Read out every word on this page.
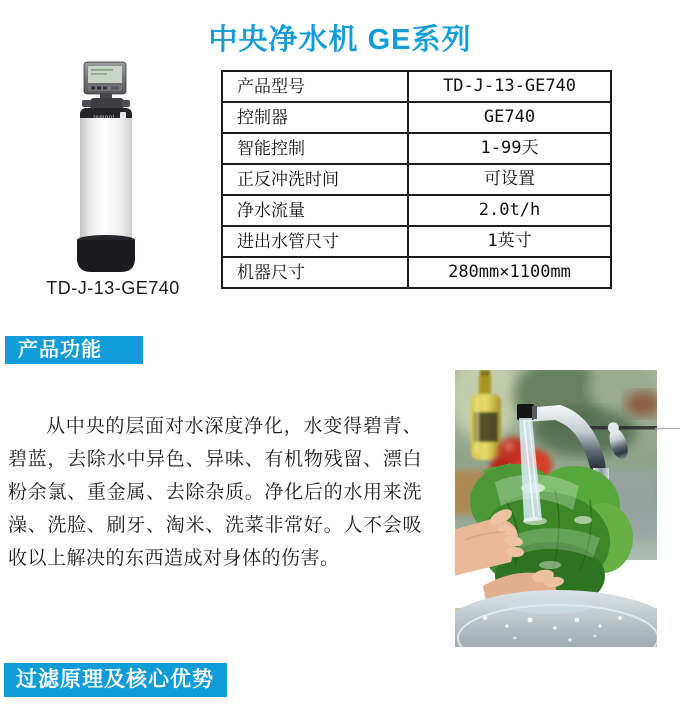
中央净水机 GE系列
TD-J-13-GE740
产品型号	TD-J-13-GE740
控制器	GE740
智能控制	1-99天
正反冲洗时间	可设置
净水流量	2.0t/h
进出水管尺寸	1英寸
机器尺寸	280mm×1100mm
产品功能

从中央的层面对水深度净化，水变得碧青、碧蓝，去除水中异色、异味、有机物残留、漂白粉余氯、重金属、去除杂质。净化后的水用来洗澡、洗脸、刷牙、淘米、洗菜非常好。人不会吸收以上解决的东西造成对身体的伤害。

过滤原理及核心优势
